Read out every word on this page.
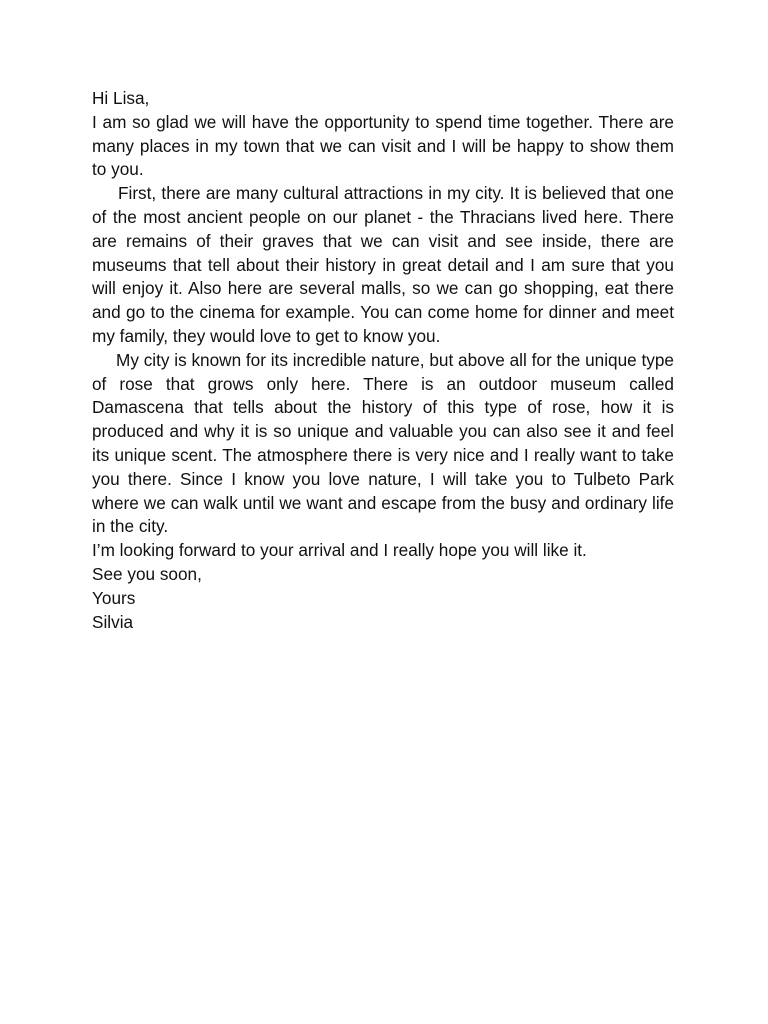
Hi Lisa,

I am so glad we will have the opportunity to spend time together. There are many places in my town that we can visit and I will be happy to show them to you.

First, there are many cultural attractions in my city. It is believed that one of the most ancient people on our planet - the Thracians lived here. There are remains of their graves that we can visit and see inside, there are museums that tell about their history in great detail and I am sure that you will enjoy it. Also here are several malls, so we can go shopping, eat there and go to the cinema for example. You can come home for dinner and meet my family, they would love to get to know you.

My city is known for its incredible nature, but above all for the unique type of rose that grows only here. There is an outdoor museum called Damascena that tells about the history of this type of rose, how it is produced and why it is so unique and valuable you can also see it and feel its unique scent. The atmosphere there is very nice and I really want to take you there. Since I know you love nature, I will take you to Tulbeto Park where we can walk until we want and escape from the busy and ordinary life in the city.

I’m looking forward to your arrival and I really hope you will like it.

See you soon,

Yours

Silvia
